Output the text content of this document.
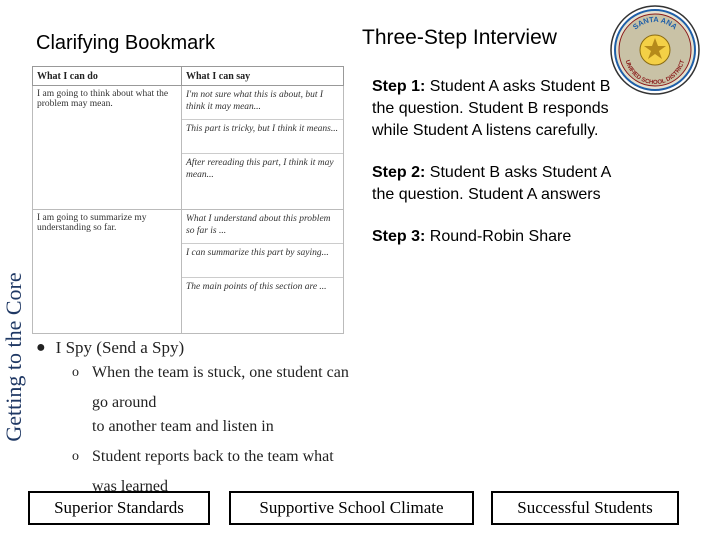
Getting to the Core
Clarifying Bookmark	Three-Step Interview	SANTA ANA
UNIFIED SCHOOL DISTRICT
What I can do	What I can say
I am going to think about what the problem may mean.	I'm not sure what this is about, but I think it may mean...
This part is tricky, but I think it means...
After rereading this part, I think it may mean...

I am going to summarize my understanding so far.	What I understand about this problem so far is ...
I can summarize this part by saying...
The main points of this section are ...
● I Spy (Send a Spy)
o When the team is stuck, one student can go around
to another team and listen in
o Student reports back to the team what was learned
Step 1: Student A asks Student B the question. Student B responds while Student A listens carefully.
Step 2: Student B asks Student A the question. Student A answers
Step 3: Round-Robin Share
Superior Standards	Supportive School Climate	Successful Students
